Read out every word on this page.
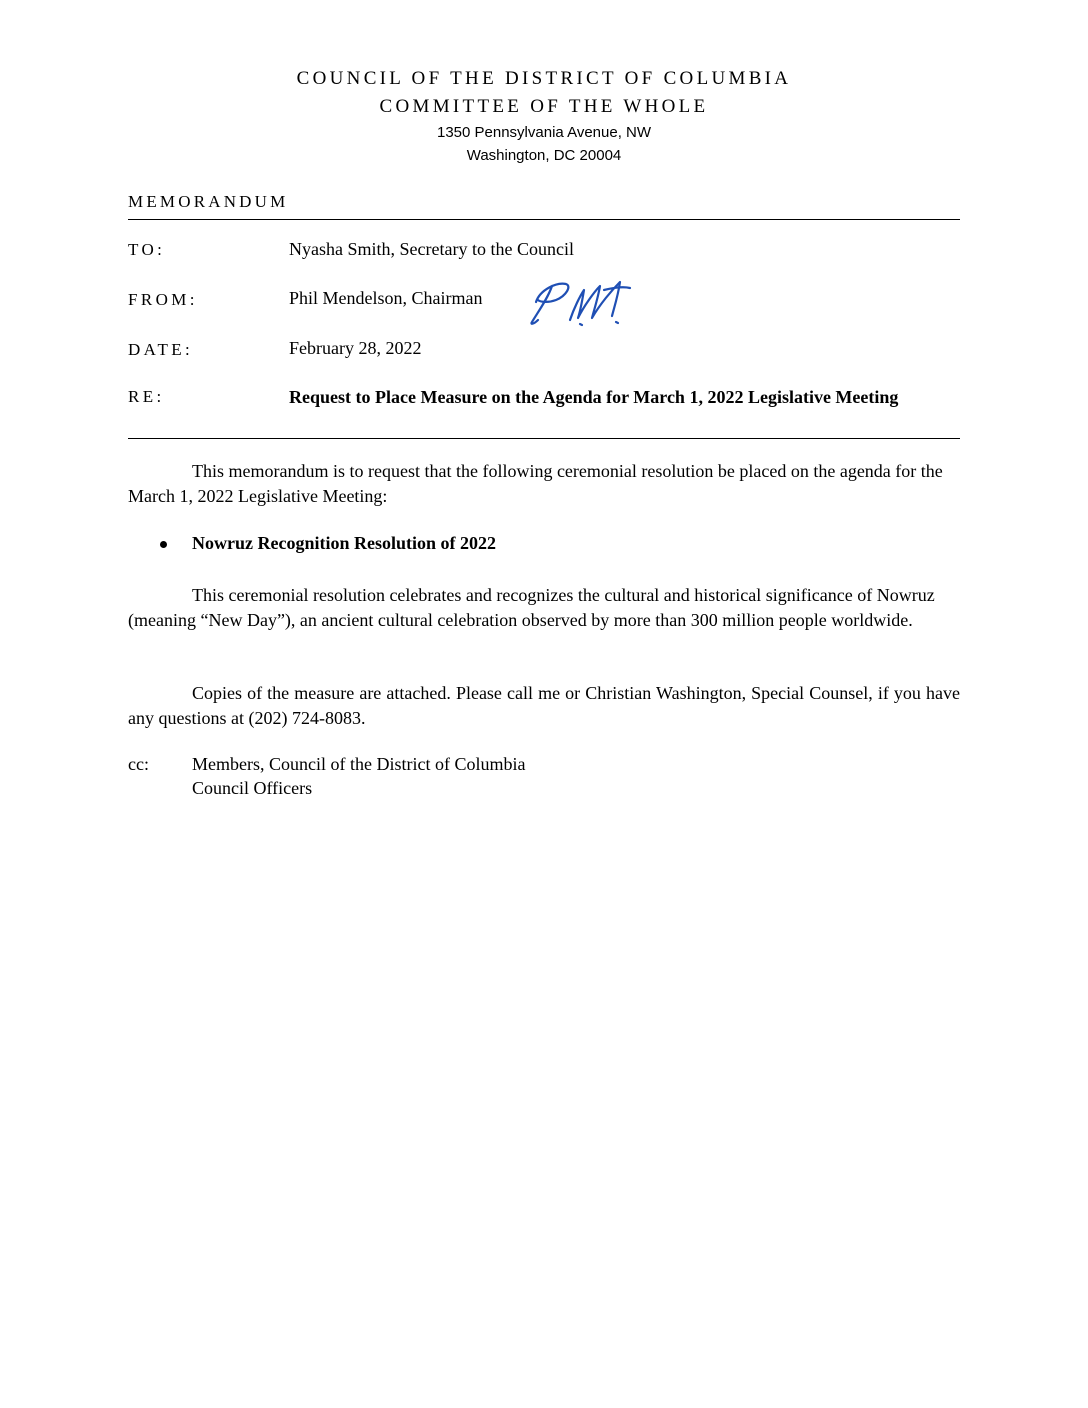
COUNCIL OF THE DISTRICT OF COLUMBIA
COMMITTEE OF THE WHOLE
1350 Pennsylvania Avenue, NW
Washington, DC 20004
MEMORANDUM
TO:	Nyasha Smith, Secretary to the Council
FROM:	Phil Mendelson, Chairman
DATE:	February 28, 2022
RE:	Request to Place Measure on the Agenda for March 1, 2022 Legislative Meeting
This memorandum is to request that the following ceremonial resolution be placed on the agenda for the March 1, 2022 Legislative Meeting:
Nowruz Recognition Resolution of 2022
This ceremonial resolution celebrates and recognizes the cultural and historical significance of Nowruz (meaning “New Day”), an ancient cultural celebration observed by more than 300 million people worldwide.
Copies of the measure are attached. Please call me or Christian Washington, Special Counsel, if you have any questions at (202) 724-8083.
cc: Members, Council of the District of Columbia
Council Officers
